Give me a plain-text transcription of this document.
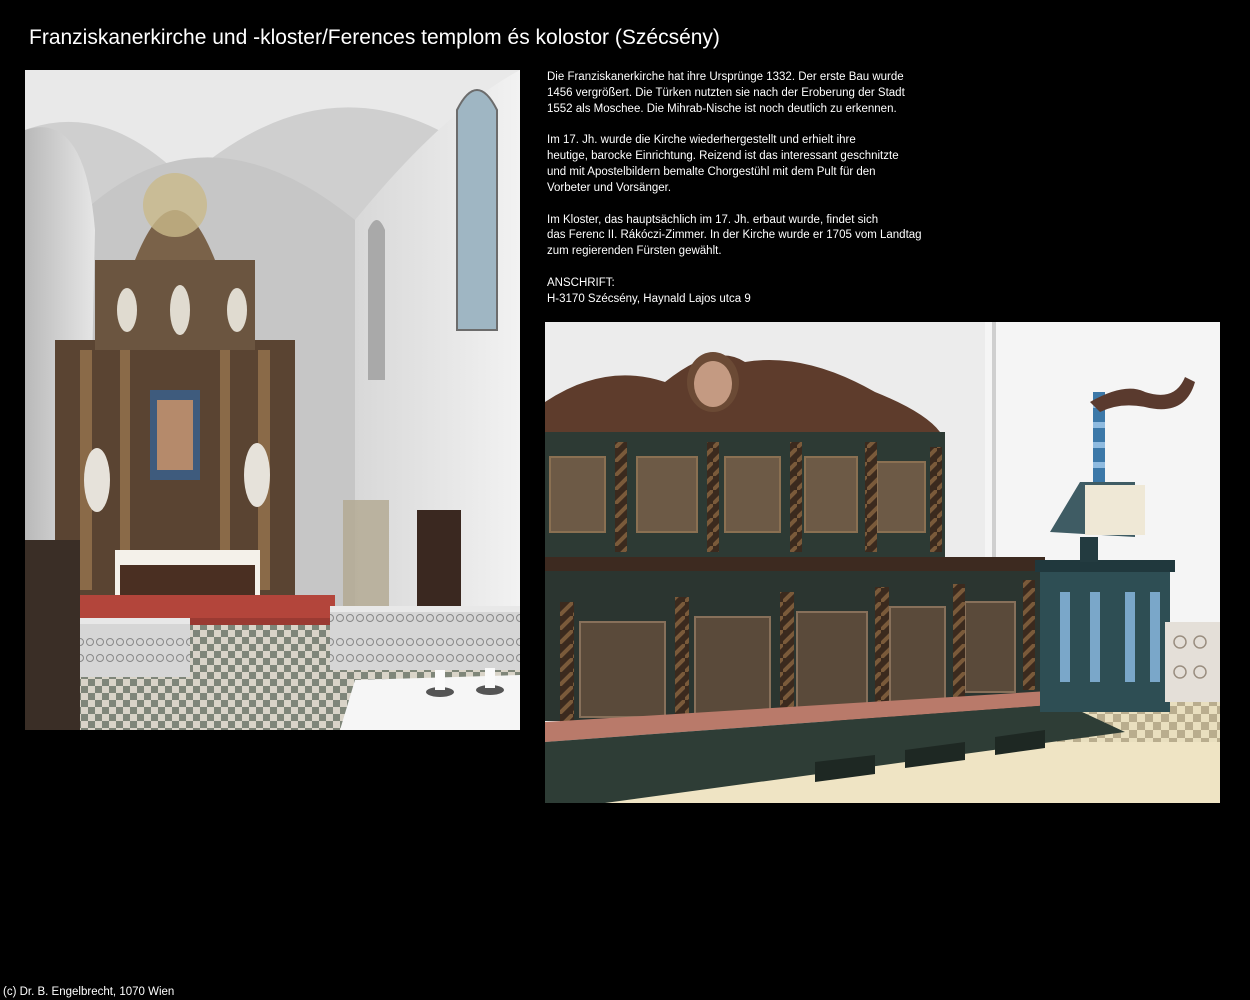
Franziskanerkirche und -kloster/Ferences templom és kolostor (Szécsény)

Die Franziskanerkirche hat ihre Ursprünge 1332. Der erste Bau wurde
1456 vergrößert. Die Türken nutzten sie nach der Eroberung der Stadt
1552 als Moschee. Die Mihrab-Nische ist noch deutlich zu erkennen.

Im 17. Jh. wurde die Kirche wiederhergestellt und erhielt ihre
heutige, barocke Einrichtung. Reizend ist das interessant geschnitzte
und mit Apostelbildern bemalte Chorgestühl mit dem Pult für den
Vorbeter und Vorsänger.

Im Kloster, das hauptsächlich im 17. Jh. erbaut wurde, findet sich
das Ferenc II. Rákóczi-Zimmer. In der Kirche wurde er 1705 vom Landtag
zum regierenden Fürsten gewählt.

ANSCHRIFT:
H-3170 Szécsény, Haynald Lajos utca 9

(c) Dr. B. Engelbrecht, 1070 Wien
